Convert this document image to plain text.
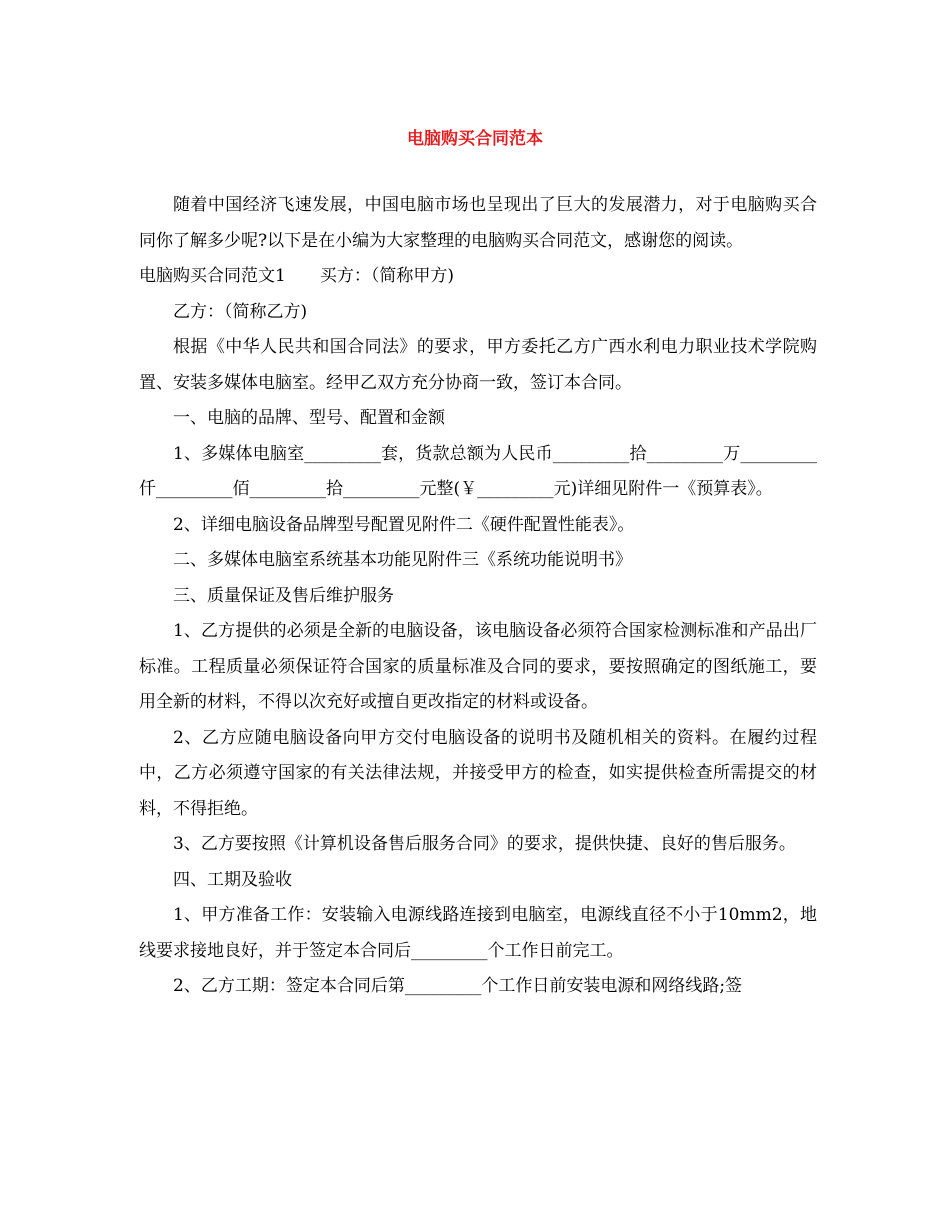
电脑购买合同范本

随着中国经济飞速发展，中国电脑市场也呈现出了巨大的发展潜力，对于电脑购买合同你了解多少呢?以下是在小编为大家整理的电脑购买合同范文，感谢您的阅读。

电脑购买合同范文1　　买方：（简称甲方)

乙方：（简称乙方)

根据《中华人民共和国合同法》的要求，甲方委托乙方广西水利电力职业技术学院购置、安装多媒体电脑室。经甲乙双方充分协商一致，签订本合同。

一、电脑的品牌、型号、配置和金额

1、多媒体电脑室_________套，货款总额为人民币_________拾_________万_________仟_________佰_________拾_________元整(￥_________元)详细见附件一《预算表》。

2、详细电脑设备品牌型号配置见附件二《硬件配置性能表》。

二、多媒体电脑室系统基本功能见附件三《系统功能说明书》

三、质量保证及售后维护服务

1、乙方提供的必须是全新的电脑设备，该电脑设备必须符合国家检测标准和产品出厂标准。工程质量必须保证符合国家的质量标准及合同的要求，要按照确定的图纸施工，要用全新的材料，不得以次充好或擅自更改指定的材料或设备。

2、乙方应随电脑设备向甲方交付电脑设备的说明书及随机相关的资料。在履约过程中，乙方必须遵守国家的有关法律法规，并接受甲方的检查，如实提供检查所需提交的材料，不得拒绝。

3、乙方要按照《计算机设备售后服务合同》的要求，提供快捷、良好的售后服务。

四、工期及验收

1、甲方准备工作：安装输入电源线路连接到电脑室，电源线直径不小于10mm2，地线要求接地良好，并于签定本合同后_________个工作日前完工。

2、乙方工期：签定本合同后第_________个工作日前安装电源和网络线路;签
